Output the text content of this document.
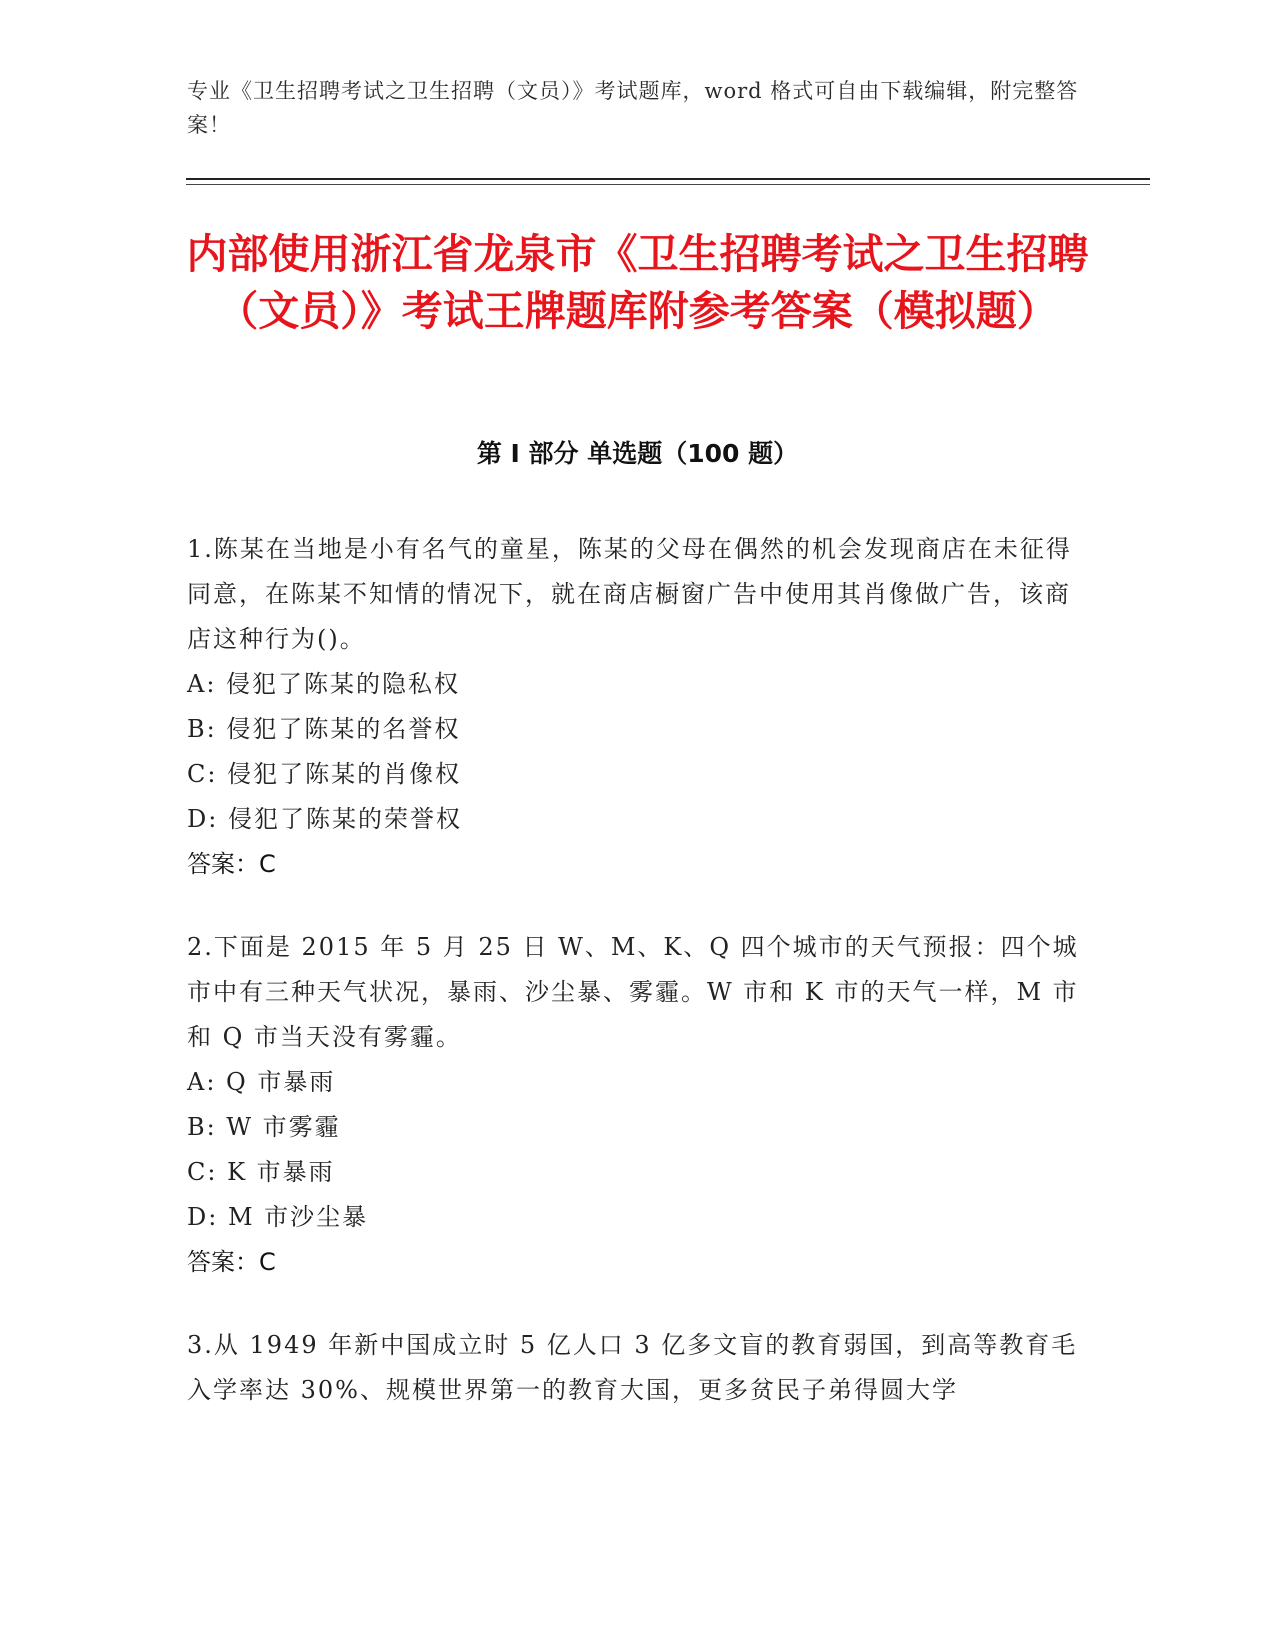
专业《卫生招聘考试之卫生招聘（文员）》考试题库，word 格式可自由下载编辑，附完整答案！
内部使用浙江省龙泉市《卫生招聘考试之卫生招聘（文员）》考试王牌题库附参考答案（模拟题）
第 I 部分 单选题（100 题）
1.陈某在当地是小有名气的童星，陈某的父母在偶然的机会发现商店在未征得同意，在陈某不知情的情况下，就在商店橱窗广告中使用其肖像做广告，该商店这种行为()。
A: 侵犯了陈某的隐私权
B: 侵犯了陈某的名誉权
C: 侵犯了陈某的肖像权
D: 侵犯了陈某的荣誉权
答案：C
2.下面是 2015 年 5 月 25 日 W、M、K、Q 四个城市的天气预报：四个城市中有三种天气状况，暴雨、沙尘暴、雾霾。W 市和 K 市的天气一样，M 市和 Q 市当天没有雾霾。
A: Q 市暴雨
B: W 市雾霾
C: K 市暴雨
D: M 市沙尘暴
答案：C
3.从 1949 年新中国成立时 5 亿人口 3 亿多文盲的教育弱国，到高等教育毛入学率达 30%、规模世界第一的教育大国，更多贫民子弟得圆大学
